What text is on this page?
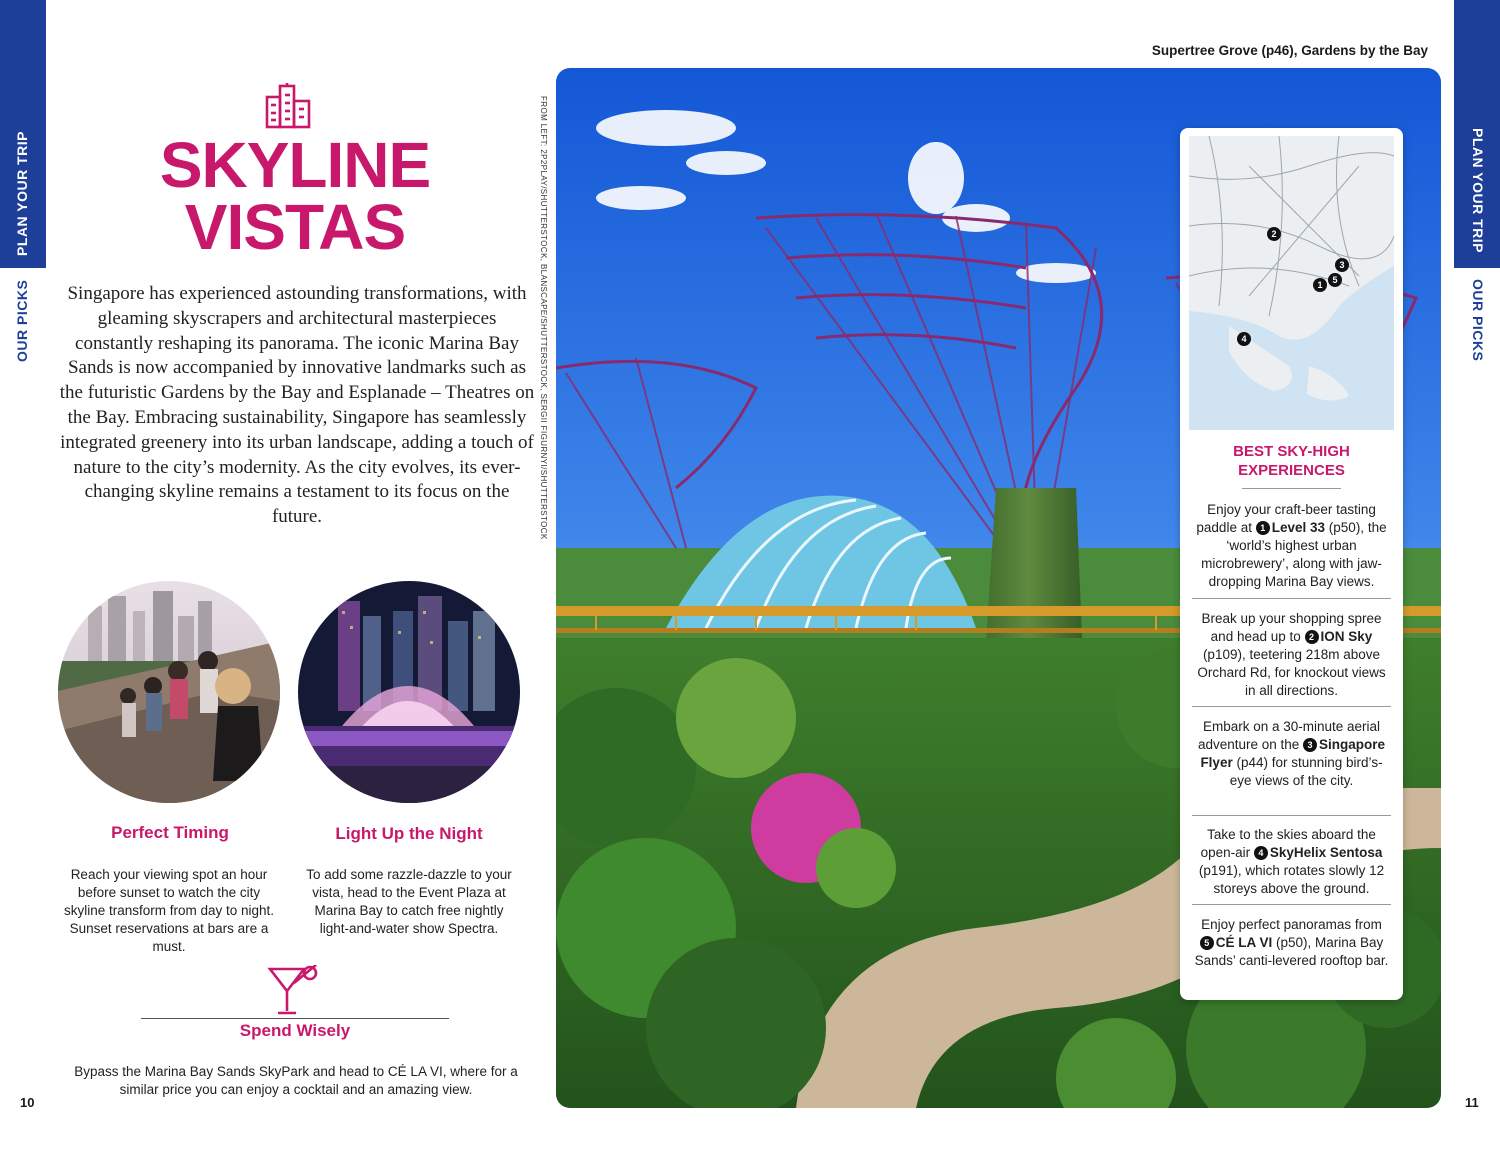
PLAN YOUR TRIP
OUR PICKS
PLAN YOUR TRIP
OUR PICKS
10	11
SKYLINE
VISTAS

Singapore has experienced astounding transformations, with gleaming skyscrapers and architectural masterpieces constantly reshaping its panorama. The iconic Marina Bay Sands is now accompanied by innovative landmarks such as the futuristic Gardens by the Bay and Esplanade – Theatres on the Bay. Embracing sustainability, Singapore has seamlessly integrated greenery into its urban landscape, adding a touch of nature to the city’s modernity. As the city evolves, its ever-changing skyline remains a testament to its focus on the future.

Perfect Timing
Reach your viewing spot an hour before sunset to watch the city skyline transform from day to night. Sunset reservations at bars are a must.
Light Up the Night
To add some razzle-dazzle to your vista, head to the Event Plaza at Marina Bay to catch free nightly light-and-water show Spectra.
Spend Wisely
Bypass the Marina Bay Sands SkyPark and head to CÉ LA VI, where for a similar price you can enjoy a cocktail and an amazing view.
FROM LEFT: 2P2PLAY/SHUTTERSTOCK, BLANSCAPE/SHUTTERSTOCK, SERGII FIGURNYI/SHUTTERSTOCK
Supertree Grove (p46), Gardens by the Bay
2
3
1 5
4
BEST SKY-HIGH
EXPERIENCES
Enjoy your craft-beer tasting paddle at 1 Level 33 (p50), the ‘world’s highest urban microbrewery’, along with jaw-dropping Marina Bay views.
Break up your shopping spree and head up to 2 ION Sky (p109), teetering 218m above Orchard Rd, for knockout views in all directions.
Embark on a 30-minute aerial adventure on the 3 Singapore Flyer (p44) for stunning bird’s-eye views of the city.
Take to the skies aboard the open-air 4 SkyHelix Sentosa (p191), which rotates slowly 12 storeys above the ground.
Enjoy perfect panoramas from 5 CÉ LA VI (p50), Marina Bay Sands’ canti-levered rooftop bar.
